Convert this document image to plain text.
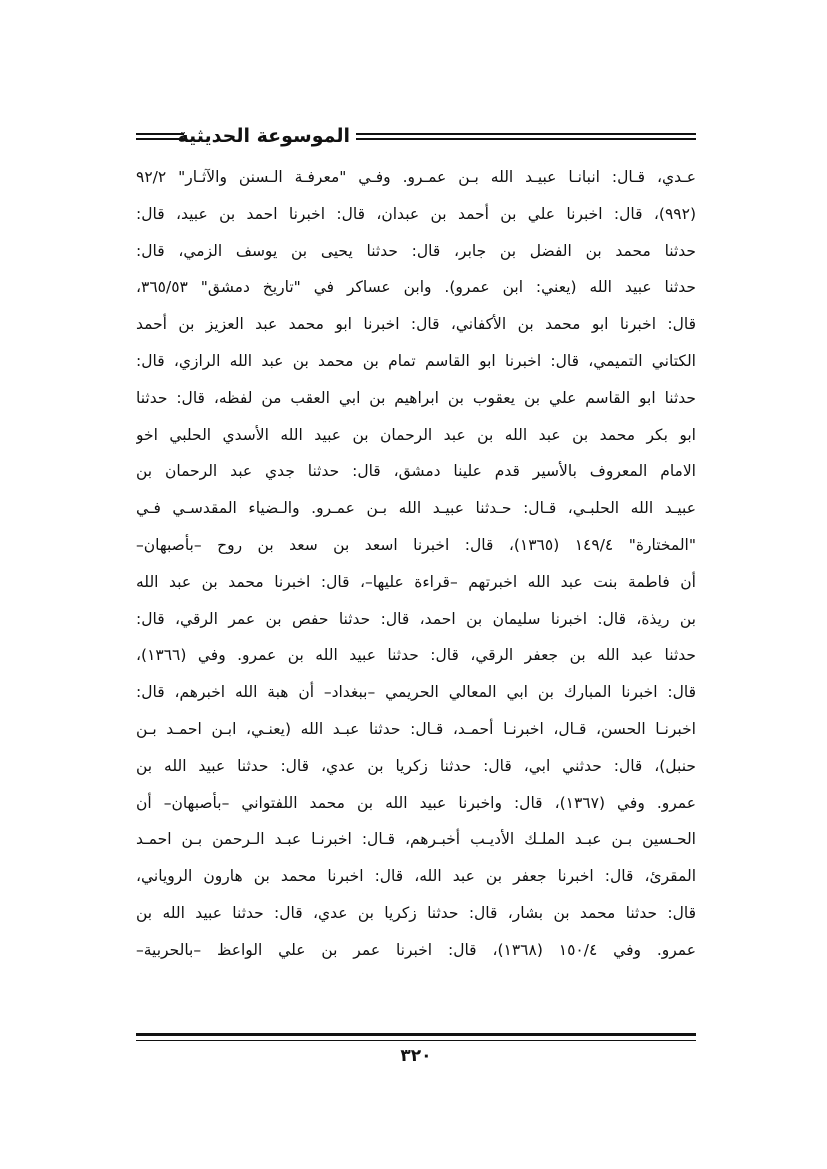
الموسوعة الحديثية
عـدي، قـال: انبانـا عبيـد الله بـن عمـرو. وفـي "معرفـة الـسنن والآثـار" ٩٢/٢
(٩٩٢)، قال: اخبرنا علي بن أحمد بن عبدان، قال: اخبرنا احمد بن عبيد، قال:
حدثنا محمد بن الفضل بن جابر، قال: حدثنا يحيى بن يوسف الزمي، قال:
حدثنا عبيد الله (يعني: ابن عمرو). وابن عساكر في "تاريخ دمشق" ٣٦٥/٥٣،
قال: اخبرنا ابو محمد بن الأكفاني، قال: اخبرنا ابو محمد عبد العزيز بن أحمد
الكتاني التميمي، قال: اخبرنا ابو القاسم تمام بن محمد بن عبد الله الرازي، قال:
حدثنا ابو القاسم علي بن يعقوب بن ابراهيم بن ابي العقب من لفظه، قال: حدثنا
ابو بكر محمد بن عبد الله بن عبد الرحمان بن عبيد الله الأسدي الحلبي اخو
الامام المعروف بالأسير قدم علينا دمشق، قال: حدثنا جدي عبد الرحمان بن
عبيـد الله الحلبـي، قـال: حـدثنا عبيـد الله بـن عمـرو. والـضياء المقدسـي فـي
"المختارة" ١٤٩/٤ (١٣٦٥)، قال: اخبرنا اسعد بن سعد بن روح –بأصبهان–
أن فاطمة بنت عبد الله اخبرتهم –قراءة عليها–، قال: اخبرنا محمد بن عبد الله
بن ريذة، قال: اخبرنا سليمان بن احمد، قال: حدثنا حفص بن عمر الرقي، قال:
حدثنا عبد الله بن جعفر الرقي، قال: حدثنا عبيد الله بن عمرو. وفي (١٣٦٦)،
قال: اخبرنا المبارك بن ابي المعالي الحريمي –ببغداد– أن هبة الله اخبرهم، قال:
اخبرنـا الحسن، قـال، اخبرنـا أحمـد، قـال: حدثنا عبـد الله (يعنـي، ابـن احمـد بـن
حنبل)، قال: حدثني ابي، قال: حدثنا زكريا بن عدي، قال: حدثنا عبيد الله بن
عمرو. وفي (١٣٦٧)، قال: واخبرنا عبيد الله بن محمد اللفتواني –بأصبهان– أن
الحـسين بـن عبـد الملـك الأديـب أخبـرهم، قـال: اخبرنـا عبـد الـرحمن بـن احمـد
المقرئ، قال: اخبرنا جعفر بن عبد الله، قال: اخبرنا محمد بن هارون الروياني،
قال: حدثنا محمد بن بشار، قال: حدثنا زكريا بن عدي، قال: حدثنا عبيد الله بن
عمرو. وفي ١٥٠/٤ (١٣٦٨)، قال: اخبرنا عمر بن علي الواعظ –بالحربية–
٣٢٠
